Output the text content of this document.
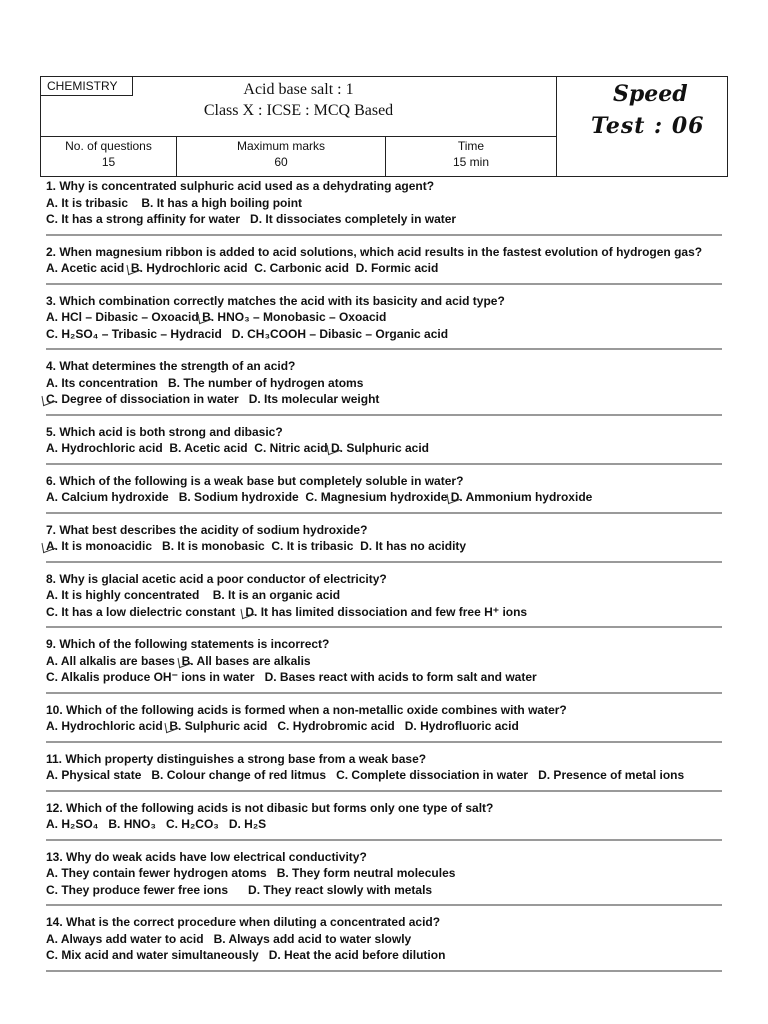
Acid base salt : 1
Class X : ICSE : MCQ Based
CHEMISTRY	Speed
Test : 06
No. of questions
15
Maximum marks
60
Time
15 min
1. Why is concentrated sulphuric acid used as a dehydrating agent?
A. It is tribasic    B. It has a high boiling point
C. It has a strong affinity for water   D. It dissociates completely in water
2. When magnesium ribbon is added to acid solutions, which acid results in the fastest evolution of hydrogen gas?
A. Acetic acid  B. Hydrochloric acid  C. Carbonic acid  D. Formic acid
3. Which combination correctly matches the acid with its basicity and acid type?
A. HCl – Dibasic – Oxoacid B. HNO₃ – Monobasic – Oxoacid
C. H₂SO₄ – Tribasic – Hydracid   D. CH₃COOH – Dibasic – Organic acid
4. What determines the strength of an acid?
A. Its concentration   B. The number of hydrogen atoms
C. Degree of dissociation in water   D. Its molecular weight
5. Which acid is both strong and dibasic?
A. Hydrochloric acid  B. Acetic acid  C. Nitric acid D. Sulphuric acid
6. Which of the following is a weak base but completely soluble in water?
A. Calcium hydroxide   B. Sodium hydroxide  C. Magnesium hydroxide D. Ammonium hydroxide
7. What best describes the acidity of sodium hydroxide?
A. It is monoacidic   B. It is monobasic  C. It is tribasic  D. It has no acidity
8. Why is glacial acetic acid a poor conductor of electricity?
A. It is highly concentrated    B. It is an organic acid
C. It has a low dielectric constant   D. It has limited dissociation and few free H⁺ ions
9. Which of the following statements is incorrect?
A. All alkalis are bases  B. All bases are alkalis
C. Alkalis produce OH⁻ ions in water   D. Bases react with acids to form salt and water
10. Which of the following acids is formed when a non-metallic oxide combines with water?
A. Hydrochloric acid  B. Sulphuric acid   C. Hydrobromic acid   D. Hydrofluoric acid
11. Which property distinguishes a strong base from a weak base?
A. Physical state   B. Colour change of red litmus   C. Complete dissociation in water   D. Presence of metal ions
12. Which of the following acids is not dibasic but forms only one type of salt?
A. H₂SO₄   B. HNO₃   C. H₂CO₃   D. H₂S
13. Why do weak acids have low electrical conductivity?
A. They contain fewer hydrogen atoms   B. They form neutral molecules
C. They produce fewer free ions      D. They react slowly with metals
14. What is the correct procedure when diluting a concentrated acid?
A. Always add water to acid   B. Always add acid to water slowly
C. Mix acid and water simultaneously   D. Heat the acid before dilution
